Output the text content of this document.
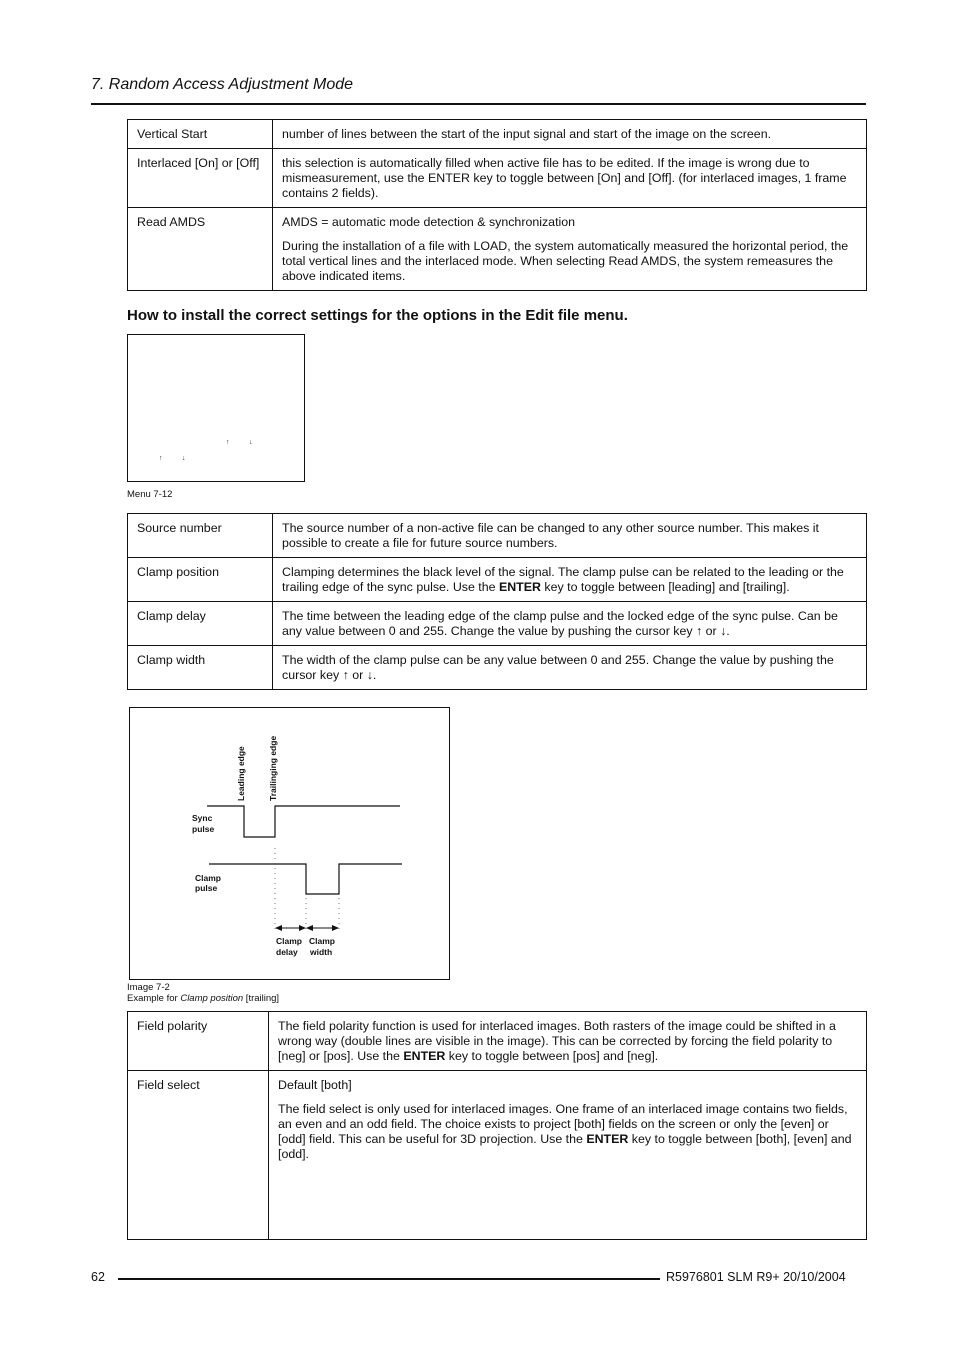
7. Random Access Adjustment Mode
Vertical Start	number of lines between the start of the input signal and start of the image on the screen.

Interlaced [On] or [Off]	this selection is automatically filled when active file has to be edited. If the image is wrong due to mismeasurement, use the ENTER key to toggle between [On] and [Off]. (for interlaced images, 1 frame contains 2 fields).

Read AMDS	AMDS = automatic mode detection & synchronization

During the installation of a file with LOAD, the system automatically measured the horizontal period, the total vertical lines and the interlaced mode. When selecting Read AMDS, the system remeasures the above indicated items.

How to install the correct settings for the options in the Edit file menu.
↑	↓
↑	↓
Menu 7-12
Source number	The source number of a non-active file can be changed to any other source number. This makes it possible to create a file for future source numbers.

Clamp position	Clamping determines the black level of the signal. The clamp pulse can be related to the leading or the trailing edge of the sync pulse. Use the ENTER key to toggle between [leading] and [trailing].

Clamp delay	The time between the leading edge of the clamp pulse and the locked edge of the sync pulse. Can be any value between 0 and 255. Change the value by pushing the cursor key ↑ or ↓.

Clamp width	The width of the clamp pulse can be any value between 0 and 255. Change the value by pushing the cursor key ↑ or ↓.

Leading edge	Trailinging edge
Sync
pulse
Clamp
pulse
Clamp
delay
Clamp
width
Image 7-2
Example for Clamp position [trailing]
Field polarity	The field polarity function is used for interlaced images. Both rasters of the image could be shifted in a wrong way (double lines are visible in the image). This can be corrected by forcing the field polarity to [neg] or [pos]. Use the ENTER key to toggle between [pos] and [neg].

Field select	Default [both]

The field select is only used for interlaced images. One frame of an interlaced image contains two fields, an even and an odd field. The choice exists to project [both] fields on the screen or only the [even] or [odd] field. This can be useful for 3D projection. Use the ENTER key to toggle between [both], [even] and [odd].

62	R5976801 SLM R9+ 20/10/2004
